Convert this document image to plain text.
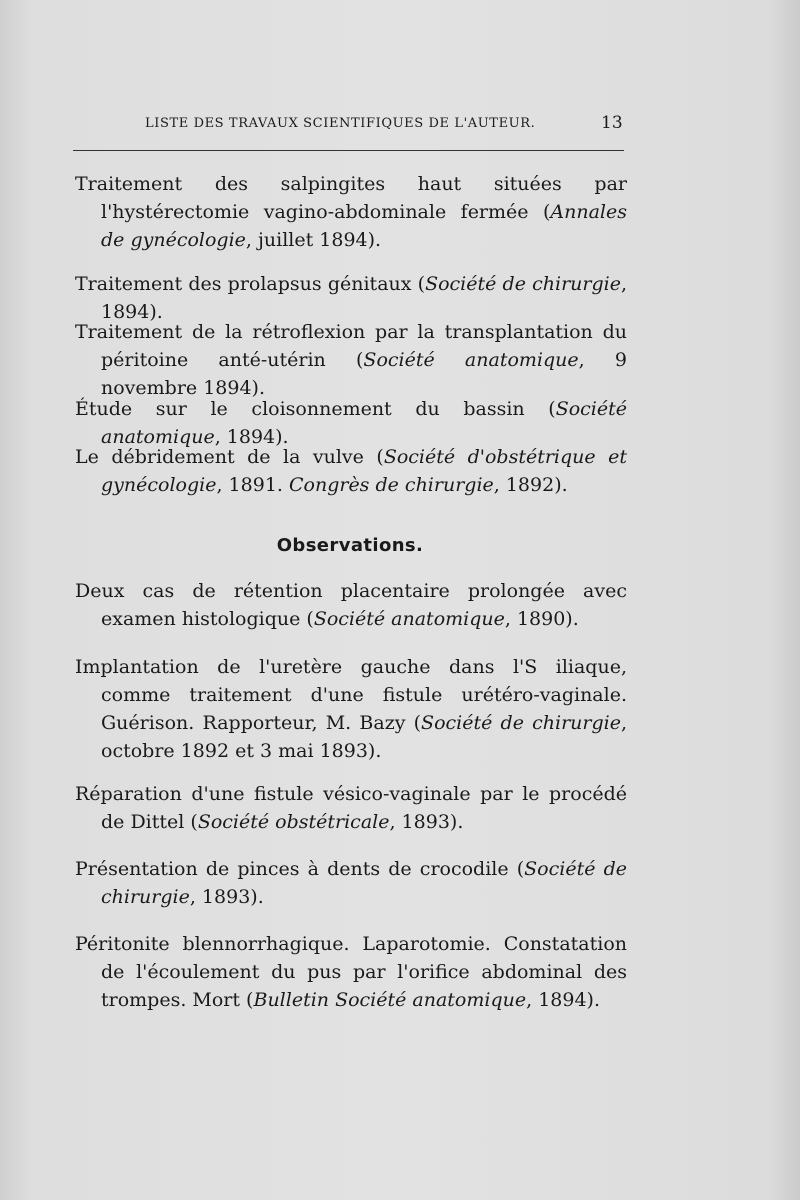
LISTE DES TRAVAUX SCIENTIFIQUES DE L'AUTEUR.	13
Traitement des salpingites haut situées par l'hystérectomie vagino-abdominale fermée (Annales de gynécologie, juillet 1894).
Traitement des prolapsus génitaux (Société de chirurgie, 1894).
Traitement de la rétroflexion par la transplantation du péritoine anté-utérin (Société anatomique, 9 novembre 1894).
Étude sur le cloisonnement du bassin (Société anatomique, 1894).
Le débridement de la vulve (Société d'obstétrique et gynécologie, 1891. Congrès de chirurgie, 1892).
Observations.
Deux cas de rétention placentaire prolongée avec examen histologique (Société anatomique, 1890).
Implantation de l'uretère gauche dans l'S iliaque, comme traitement d'une fistule urétéro-vaginale. Guérison. Rapporteur, M. Bazy (Société de chirurgie, octobre 1892 et 3 mai 1893).
Réparation d'une fistule vésico-vaginale par le procédé de Dittel (Société obstétricale, 1893).
Présentation de pinces à dents de crocodile (Société de chirurgie, 1893).
Péritonite blennorrhagique. Laparotomie. Constatation de l'écoulement du pus par l'orifice abdominal des trompes. Mort (Bulletin Société anatomique, 1894).
